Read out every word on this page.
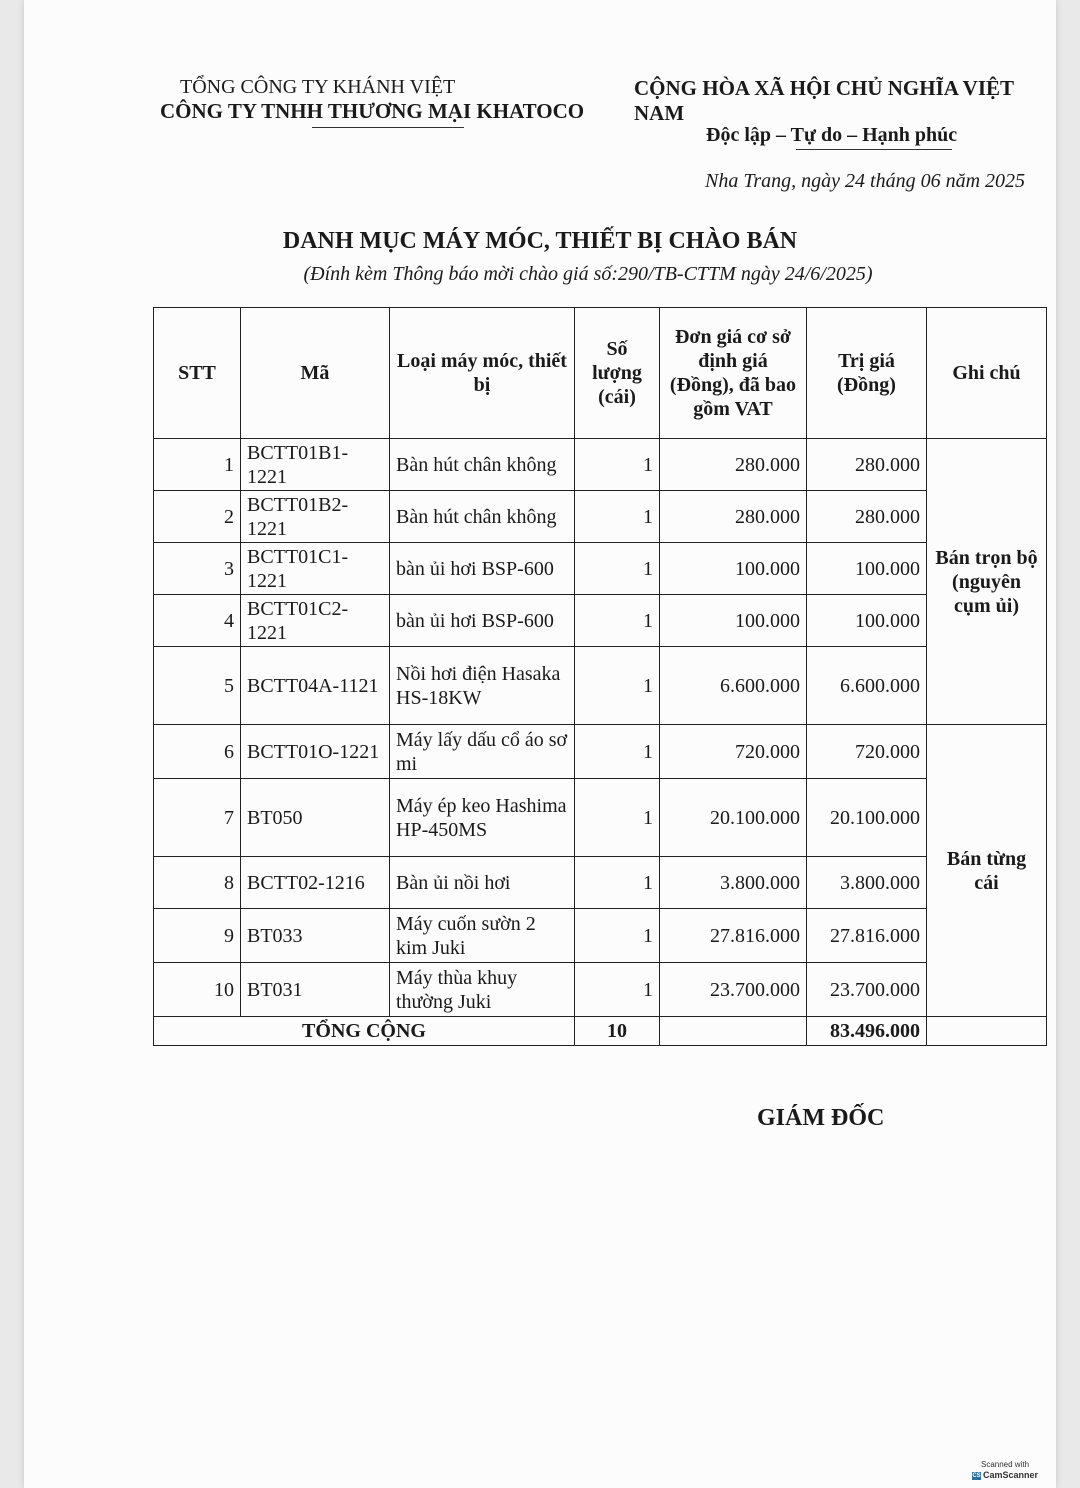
TỔNG CÔNG TY KHÁNH VIỆT
CÔNG TY TNHH THƯƠNG MẠI KHATOCO
CỘNG HÒA XÃ HỘI CHỦ NGHĨA VIỆT NAM
Độc lập – Tự do – Hạnh phúc
Nha Trang, ngày 24 tháng 06 năm 2025
DANH MỤC MÁY MÓC, THIẾT BỊ CHÀO BÁN
(Đính kèm Thông báo mời chào giá số:290/TB-CTTM ngày 24/6/2025)
STT	Mã	Loại máy móc, thiết bị	Số lượng (cái)	Đơn giá cơ sở định giá (Đồng), đã bao gồm VAT	Trị giá (Đồng)	Ghi chú
1	BCTT01B1-1221	Bàn hút chân không	1	280.000	280.000	Bán trọn bộ (nguyên cụm ủi)
2	BCTT01B2-1221	Bàn hút chân không	1	280.000	280.000	
3	BCTT01C1-1221	bàn ủi hơi BSP-600	1	100.000	100.000	
4	BCTT01C2-1221	bàn ủi hơi BSP-600	1	100.000	100.000	
5	BCTT04A-1121	Nồi hơi điện Hasaka HS-18KW	1	6.600.000	6.600.000	
6	BCTT01O-1221	Máy lấy dấu cổ áo sơ mi	1	720.000	720.000	Bán từng cái
7	BT050	Máy ép keo Hashima HP-450MS	1	20.100.000	20.100.000	
8	BCTT02-1216	Bàn ủi nồi hơi	1	3.800.000	3.800.000	
9	BT033	Máy cuốn sườn 2 kim Juki	1	27.816.000	27.816.000	
10	BT031	Máy thùa khuy thường Juki	1	23.700.000	23.700.000	
TỔNG CỘNG			10		83.496.000	
GIÁM ĐỐC
Scanned with
CS CamScanner
